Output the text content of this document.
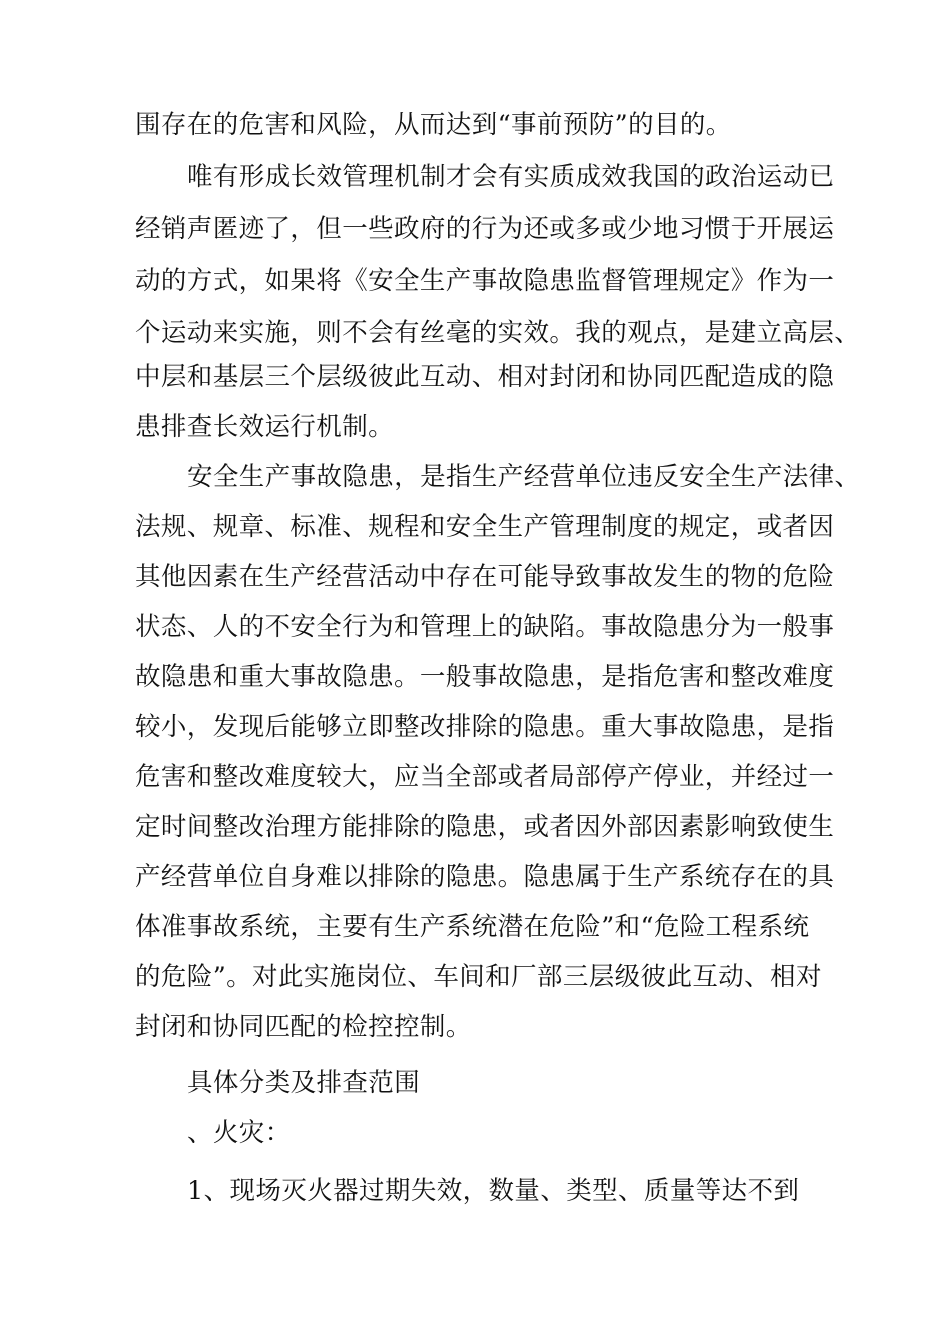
围存在的危害和风险，从而达到“事前预防”的目的。
唯有形成长效管理机制才会有实质成效我国的政治运动已
经销声匿迹了，但一些政府的行为还或多或少地习惯于开展运
动的方式，如果将《安全生产事故隐患监督管理规定》作为一
个运动来实施，则不会有丝毫的实效。我的观点，是建立高层、
中层和基层三个层级彼此互动、相对封闭和协同匹配造成的隐
患排查长效运行机制。
安全生产事故隐患，是指生产经营单位违反安全生产法律、
法规、规章、标准、规程和安全生产管理制度的规定，或者因
其他因素在生产经营活动中存在可能导致事故发生的物的危险
状态、人的不安全行为和管理上的缺陷。事故隐患分为一般事
故隐患和重大事故隐患。一般事故隐患，是指危害和整改难度
较小，发现后能够立即整改排除的隐患。重大事故隐患，是指
危害和整改难度较大，应当全部或者局部停产停业，并经过一
定时间整改治理方能排除的隐患，或者因外部因素影响致使生
产经营单位自身难以排除的隐患。隐患属于生产系统存在的具
体准事故系统，主要有生产系统潜在危险”和“危险工程系统
的危险”。对此实施岗位、车间和厂部三层级彼此互动、相对
封闭和协同匹配的检控控制。
具体分类及排查范围
、火灾：
1、现场灭火器过期失效，数量、类型、质量等达不到
